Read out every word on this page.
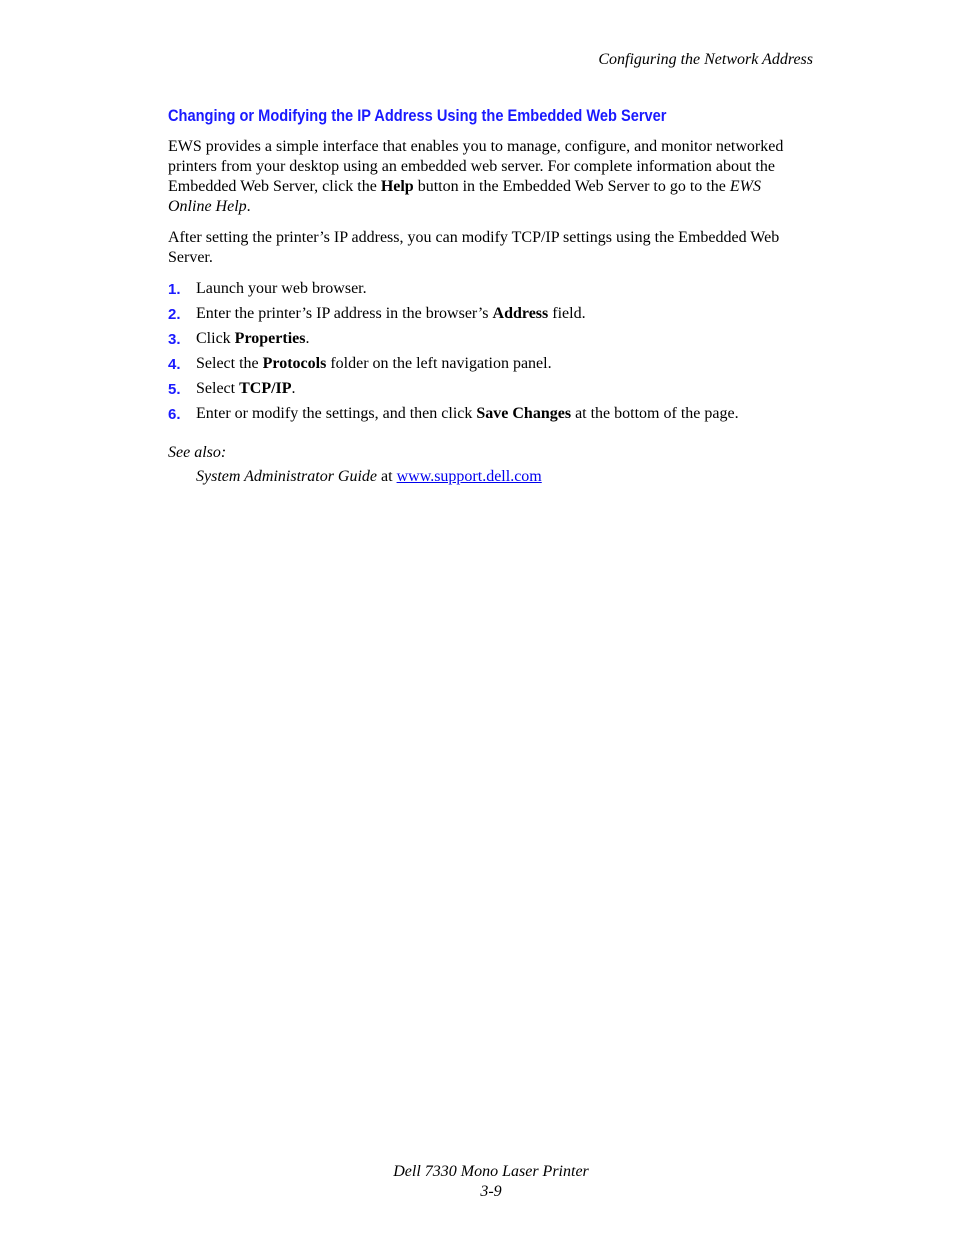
Configuring the Network Address
Changing or Modifying the IP Address Using the Embedded Web Server

EWS provides a simple interface that enables you to manage, configure, and monitor networked printers from your desktop using an embedded web server. For complete information about the Embedded Web Server, click the Help button in the Embedded Web Server to go to the EWS Online Help.

After setting the printer’s IP address, you can modify TCP/IP settings using the Embedded Web Server.

1. Launch your web browser.
2. Enter the printer’s IP address in the browser’s Address field.
3. Click Properties.
4. Select the Protocols folder on the left navigation panel.
5. Select TCP/IP.
6. Enter or modify the settings, and then click Save Changes at the bottom of the page.
See also:
System Administrator Guide at www.support.dell.com
Dell 7330 Mono Laser Printer
3-9
